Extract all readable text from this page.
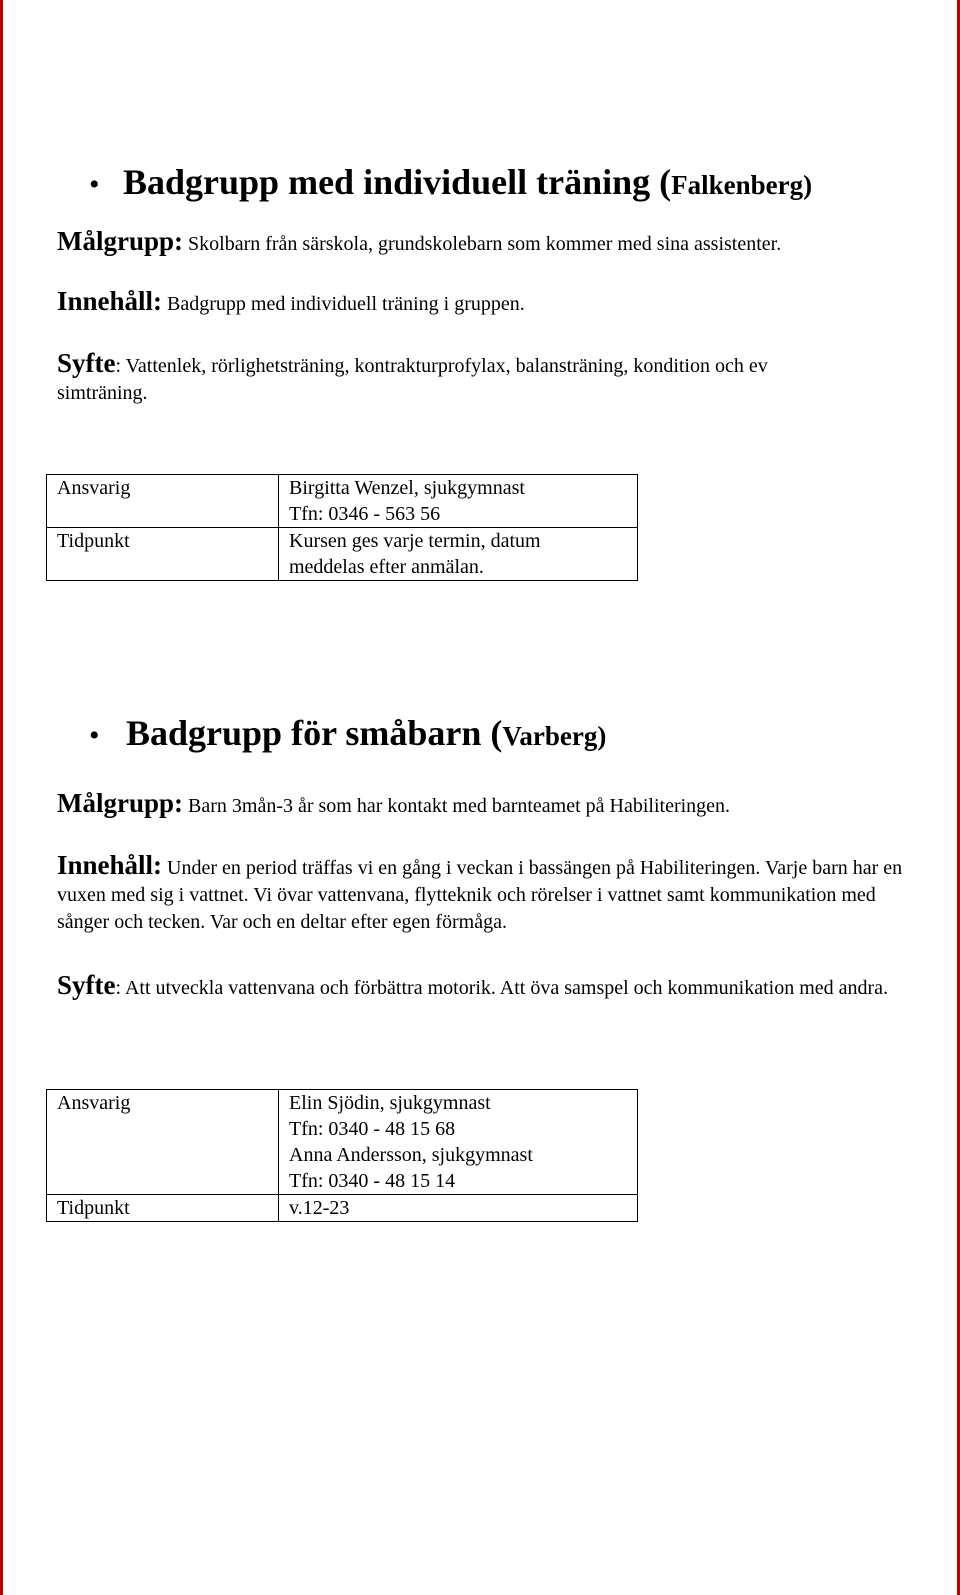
• Badgrupp med individuell träning ( Falkenberg)

Målgrupp: Skolbarn från särskola, grundskolebarn som kommer med sina assistenter.

Innehåll: Badgrupp med individuell träning i gruppen.

Syfte: Vattenlek, rörlighetsträning, kontrakturprofylax, balansträning, kondition och ev simträning.

Ansvarig	Birgitta Wenzel, sjukgymnast
Tfn: 0346 - 563 56

Tidpunkt	Kursen ges varje termin, datum
meddelas efter anmälan.
• Badgrupp för småbarn ( Varberg)

Målgrupp: Barn 3mån-3 år som har kontakt med barnteamet på Habiliteringen.

Innehåll: Under en period träffas vi en gång i veckan i bassängen på Habiliteringen. Varje barn har en vuxen med sig i vattnet. Vi övar vattenvana, flytteknik och rörelser i vattnet samt kommunikation med sånger och tecken. Var och en deltar efter egen förmåga.

Syfte: Att utveckla vattenvana och förbättra motorik. Att öva samspel och kommunikation med andra.

Ansvarig	Elin Sjödin, sjukgymnast
Tfn: 0340 - 48 15 68
Anna Andersson, sjukgymnast
Tfn: 0340 - 48 15 14

Tidpunkt	v.12-23
